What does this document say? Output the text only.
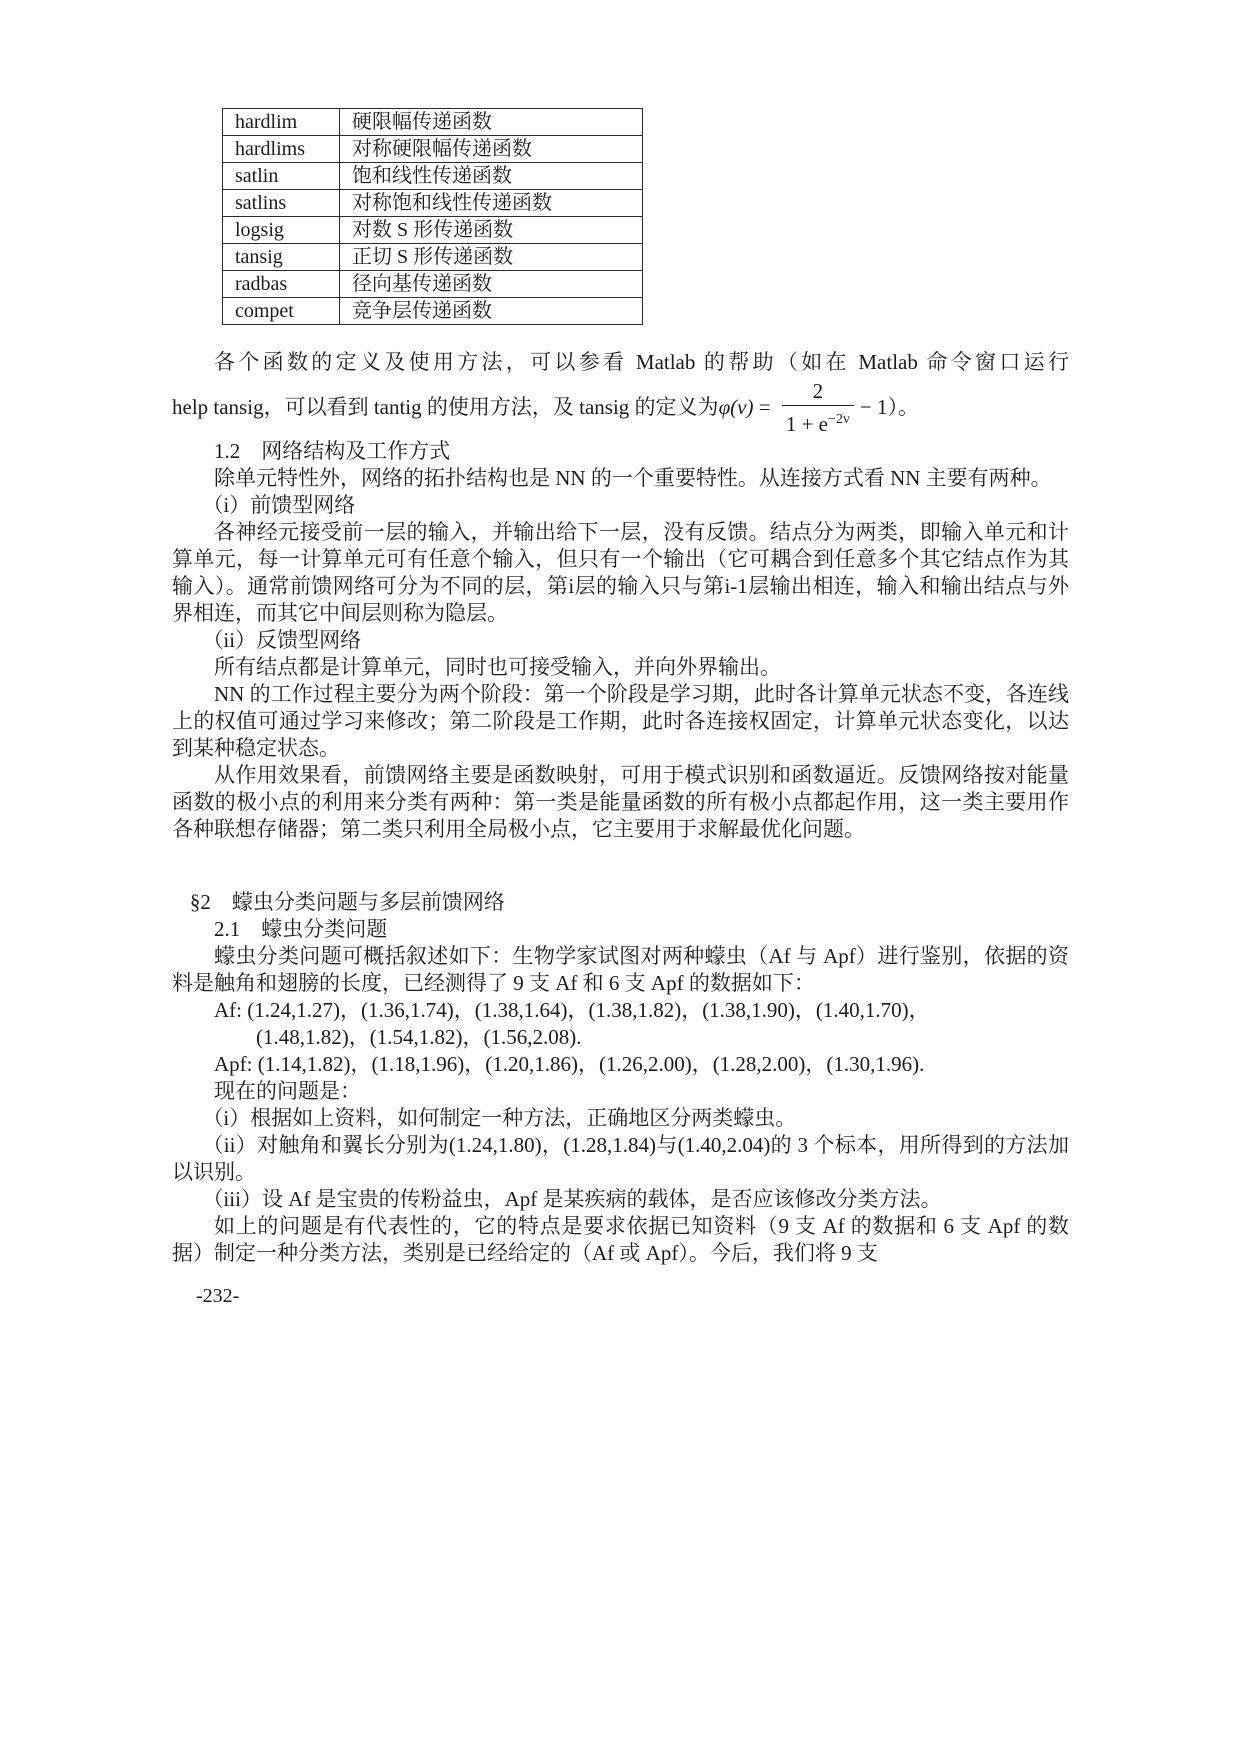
hardlim	硬限幅传递函数
hardlims	对称硬限幅传递函数
satlin	饱和线性传递函数
satlins	对称饱和线性传递函数
logsig	对数 S 形传递函数
tansig	正切 S 形传递函数
radbas	径向基传递函数
compet	竞争层传递函数

各个函数的定义及使用方法，可以参看 Matlab 的帮助（如在 Matlab 命令窗口运行

help tansig，可以看到 tantig 的使用方法，及 tansig 的定义为 $\varphi(v) = \frac{2}{1 + e^{-2v}} - 1$ ）。

1.2　网络结构及工作方式

除单元特性外，网络的拓扑结构也是 NN 的一个重要特性。从连接方式看 NN 主要有两种。

（i）前馈型网络

各神经元接受前一层的输入，并输出给下一层，没有反馈。结点分为两类，即输入单元和计算单元，每一计算单元可有任意个输入，但只有一个输出（它可耦合到任意多个其它结点作为其输入）。通常前馈网络可分为不同的层，第i层的输入只与第i-1层输出相连，输入和输出结点与外界相连，而其它中间层则称为隐层。

（ii）反馈型网络

所有结点都是计算单元，同时也可接受输入，并向外界输出。

NN 的工作过程主要分为两个阶段：第一个阶段是学习期，此时各计算单元状态不变，各连线上的权值可通过学习来修改；第二阶段是工作期，此时各连接权固定，计算单元状态变化，以达到某种稳定状态。

从作用效果看，前馈网络主要是函数映射，可用于模式识别和函数逼近。反馈网络按对能量函数的极小点的利用来分类有两种：第一类是能量函数的所有极小点都起作用，这一类主要用作各种联想存储器；第二类只利用全局极小点，它主要用于求解最优化问题。

§2　蠓虫分类问题与多层前馈网络

2.1　蠓虫分类问题

蠓虫分类问题可概括叙述如下：生物学家试图对两种蠓虫（Af 与 Apf）进行鉴别，依据的资料是触角和翅膀的长度，已经测得了 9 支 Af 和 6 支 Apf 的数据如下：

Af: (1.24,1.27)，(1.36,1.74)，(1.38,1.64)，(1.38,1.82)，(1.38,1.90)，(1.40,1.70)，

(1.48,1.82)，(1.54,1.82)，(1.56,2.08).

Apf: (1.14,1.82)，(1.18,1.96)，(1.20,1.86)，(1.26,2.00)，(1.28,2.00)，(1.30,1.96).

现在的问题是：

（i）根据如上资料，如何制定一种方法，正确地区分两类蠓虫。

（ii）对触角和翼长分别为(1.24,1.80)，(1.28,1.84)与(1.40,2.04)的 3 个标本，用所得到的方法加以识别。

（iii）设 Af 是宝贵的传粉益虫，Apf 是某疾病的载体，是否应该修改分类方法。

如上的问题是有代表性的，它的特点是要求依据已知资料（9 支 Af 的数据和 6 支 Apf 的数据）制定一种分类方法，类别是已经给定的（Af 或 Apf）。今后，我们将 9 支

-232-
